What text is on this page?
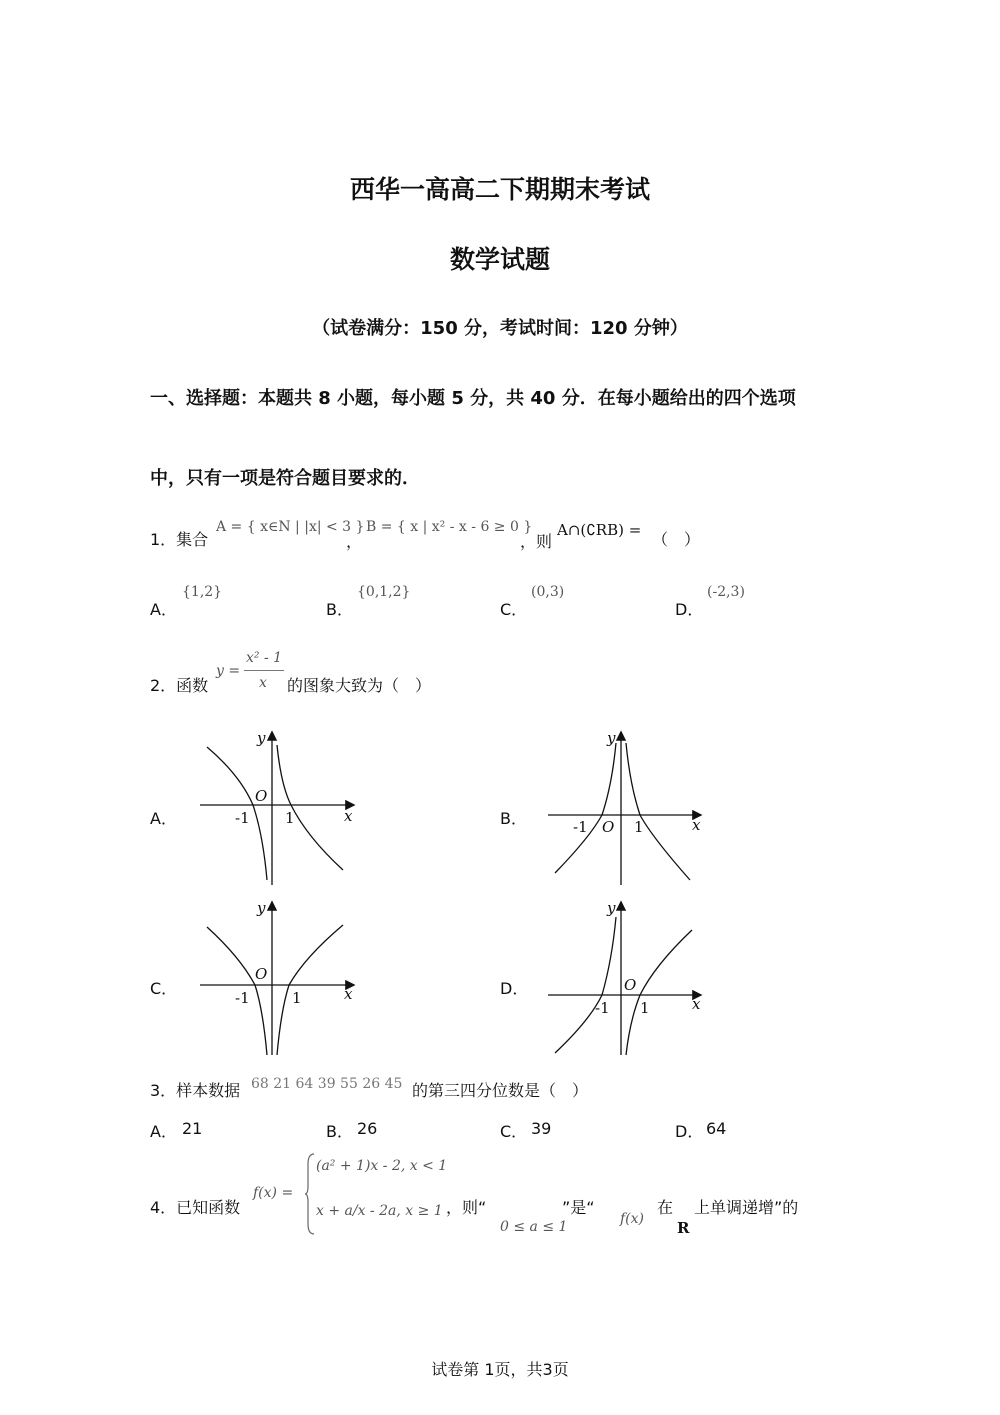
西华一高高二下期期末考试
数学试题
（试卷满分：150 分，考试时间：120 分钟）
一、选择题：本题共 8 小题，每小题 5 分，共 40 分．在每小题给出的四个选项
中，只有一项是符合题目要求的．
1．集合
A = { x∈N | |x| < 3 }
，
B = { x | x² - x - 6 ≥ 0 }
，则
A∩(∁RB) = （　）
A．
{1,2}
B．
{0,1,2}
C．
(0,3)
D．
(-2,3)
2．函数
y =
x² - 1
x 的图象大致为（　）
A．	B．
C．	D．
O
y
x
-1 1	O
y
x
-1	1
O
y
x
-1	1
O
y
x
-1 1
3．样本数据 68 21 64 39 55 26 45 的第三四分位数是（　）
A． 21	B． 26	C． 39	D． 64
4．已知函数
f(x) =
(a² + 1)x - 2, x < 1
x + a/x - 2a, x ≥ 1 ，则“
0 ≤ a ≤ 1
”是“
f(x)
在
R
上单调递增”的
试卷第 1页，共3页
